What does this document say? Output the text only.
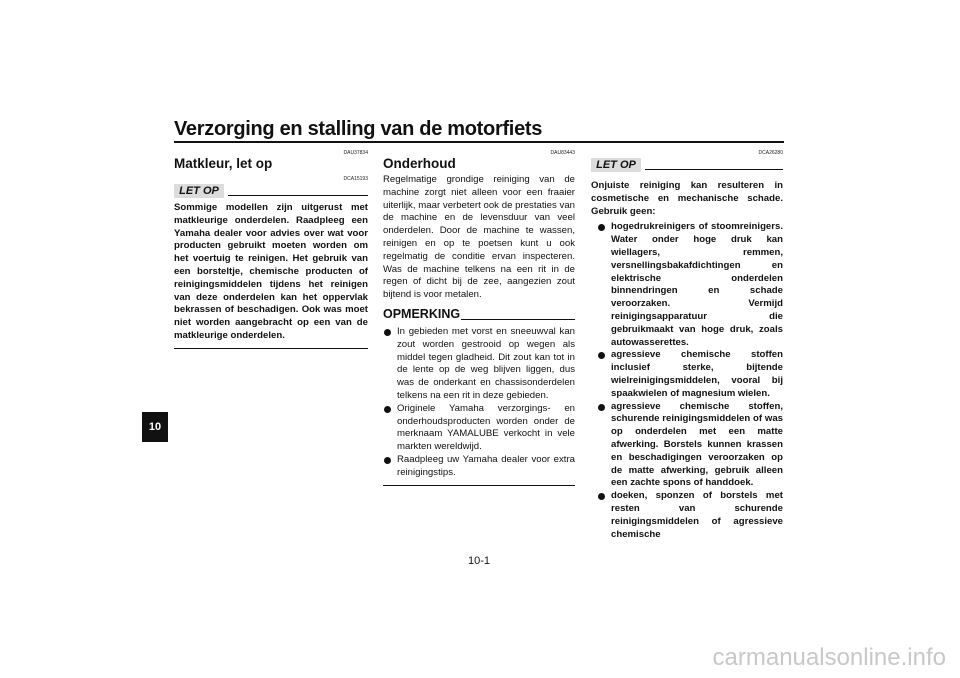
Verzorging en stalling van de motorfiets
10
DAU37834
Matkleur, let op
DCA15193
LET OP
Sommige modellen zijn uitgerust met matkleurige onderdelen. Raadpleeg een Yamaha dealer voor advies over wat voor producten gebruikt moeten worden om het voertuig te reinigen. Het gebruik van een borsteltje, chemische producten of reinigingsmiddelen tijdens het reinigen van deze onderdelen kan het oppervlak bekrassen of beschadigen. Ook was moet niet worden aangebracht op een van de matkleurige onderdelen.
DAU83443
Onderhoud
Regelmatige grondige reiniging van de machine zorgt niet alleen voor een fraaier uiterlijk, maar verbetert ook de prestaties van de machine en de levensduur van veel onderdelen. Door de machine te wassen, reinigen en op te poetsen kunt u ook regelmatig de conditie ervan inspecteren. Was de machine telkens na een rit in de regen of dicht bij de zee, aangezien zout bijtend is voor metalen.
OPMERKING
In gebieden met vorst en sneeuwval kan zout worden gestrooid op wegen als middel tegen gladheid. Dit zout kan tot in de lente op de weg blijven liggen, dus was de onderkant en chassisonderdelen telkens na een rit in deze gebieden.
Originele Yamaha verzorgings- en onderhoudsproducten worden onder de merknaam YAMALUBE verkocht in vele markten wereldwijd.
Raadpleeg uw Yamaha dealer voor extra reinigingstips.
DCA26280
LET OP
Onjuiste reiniging kan resulteren in cosmetische en mechanische schade. Gebruik geen:
hogedrukreinigers of stoomreinigers. Water onder hoge druk kan wiellagers, remmen, versnellingsbakafdichtingen en elektrische onderdelen binnendringen en schade veroorzaken. Vermijd reinigingsapparatuur die gebruikmaakt van hoge druk, zoals autowasserettes.
agressieve chemische stoffen inclusief sterke, bijtende wielreinigingsmiddelen, vooral bij spaakwielen of magnesium wielen.
agressieve chemische stoffen, schurende reinigingsmiddelen of was op onderdelen met een matte afwerking. Borstels kunnen krassen en beschadigingen veroorzaken op de matte afwerking, gebruik alleen een zachte spons of handdoek.
doeken, sponzen of borstels met resten van schurende reinigingsmiddelen of agressieve chemische
10-1
carmanualsonline.info
